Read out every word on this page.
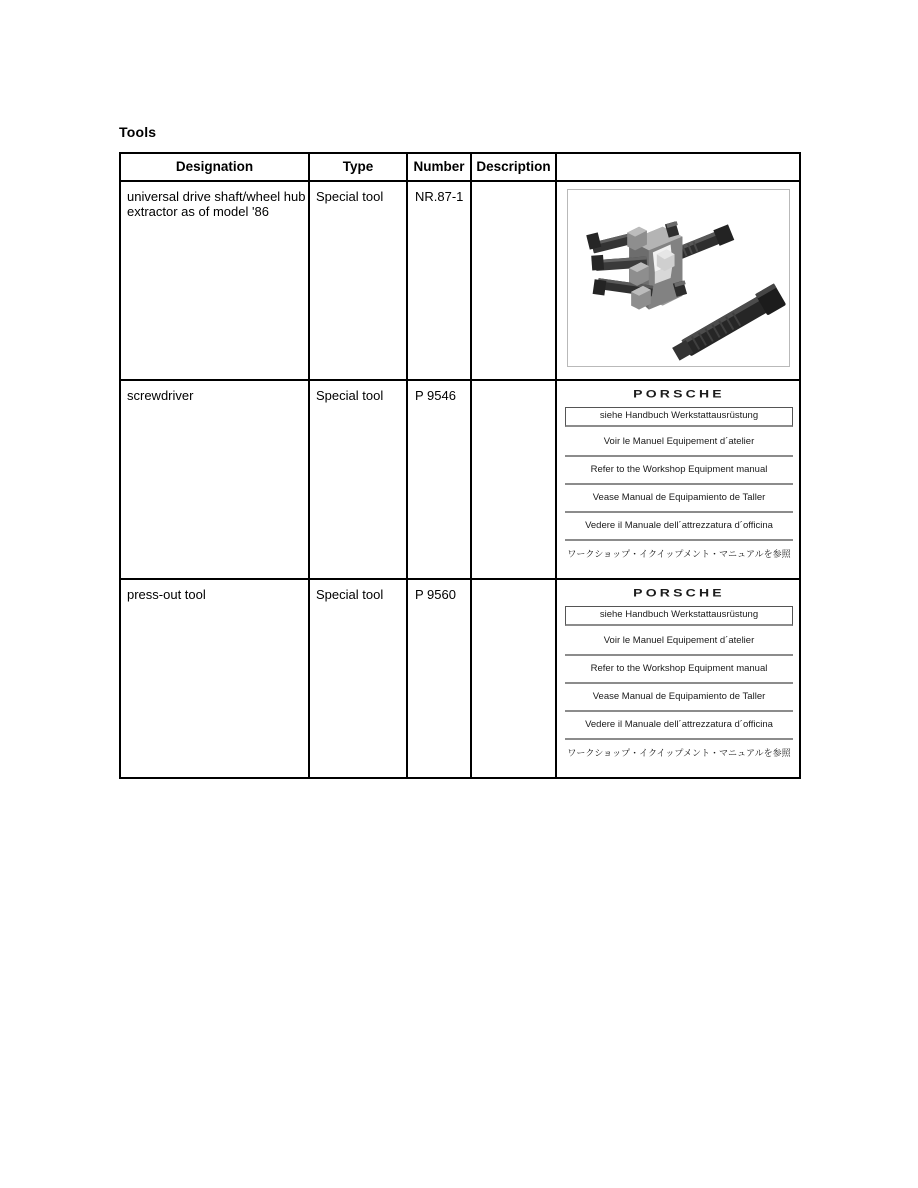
Tools
Designation	Type	Number	Description	
universal drive shaft/wheel hub extractor as of model '86	Special tool	NR.87-1		

screwdriver	Special tool	P 9546		PORSCHE
siehe Handbuch Werkstattausrüstung
Voir le Manuel Equipement d´atelier
Refer to the Workshop Equipment manual
Vease Manual de Equipamiento de Taller
Vedere il Manuale dell´attrezzatura d´officina
ワークショップ・イクイップメント・マニュアルを参照

press-out tool	Special tool	P 9560		PORSCHE
siehe Handbuch Werkstattausrüstung
Voir le Manuel Equipement d´atelier
Refer to the Workshop Equipment manual
Vease Manual de Equipamiento de Taller
Vedere il Manuale dell´attrezzatura d´officina
ワークショップ・イクイップメント・マニュアルを参照
